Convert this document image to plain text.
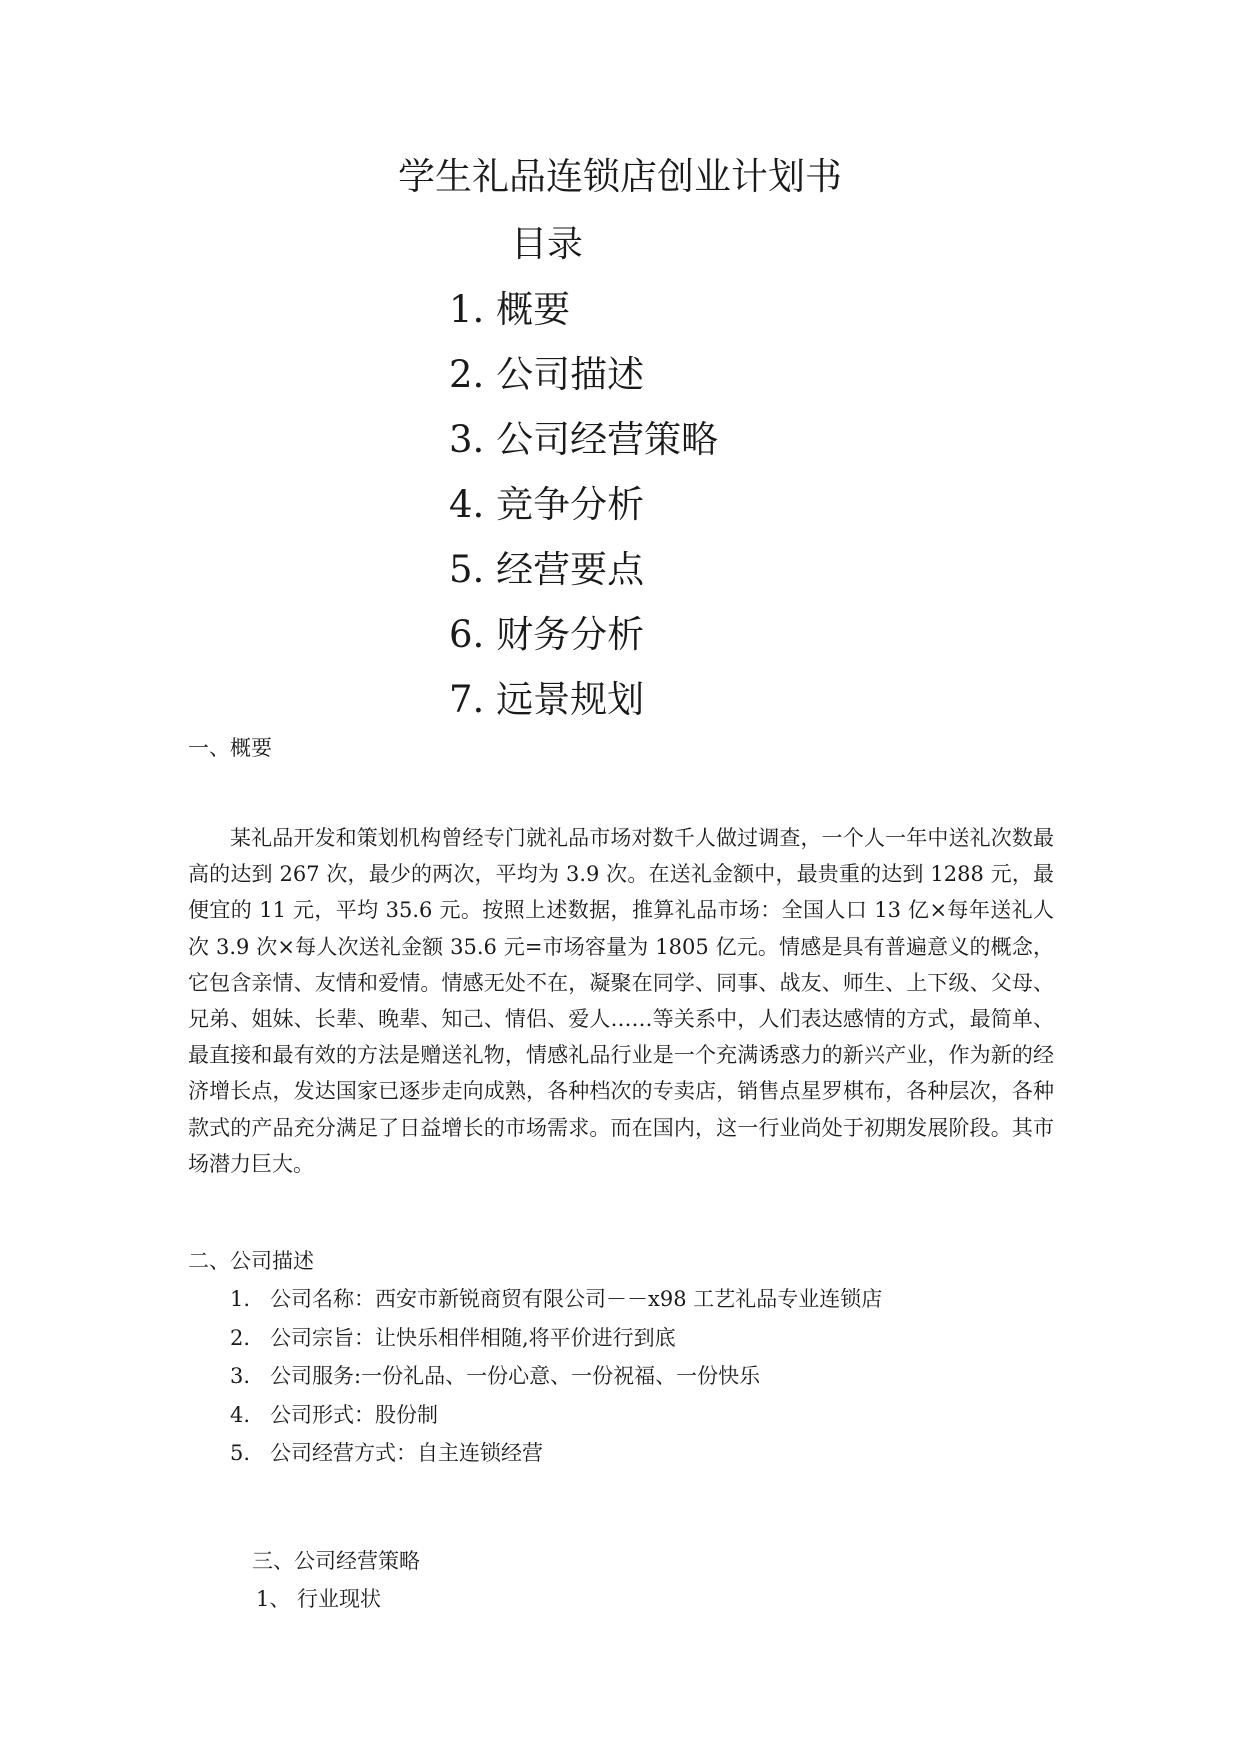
学生礼品连锁店创业计划书
目录
1. 概要
2. 公司描述
3. 公司经营策略
4. 竞争分析
5. 经营要点
6. 财务分析
7. 远景规划
一、概要

某礼品开发和策划机构曾经专门就礼品市场对数千人做过调查，一个人一年中送礼次数最高的达到 267 次，最少的两次，平均为 3.9 次。在送礼金额中，最贵重的达到 1288 元，最便宜的 11 元，平均 35.6 元。按照上述数据，推算礼品市场：全国人口 13 亿×每年送礼人次 3.9 次×每人次送礼金额 35.6 元=市场容量为 1805 亿元。情感是具有普遍意义的概念，它包含亲情、友情和爱情。情感无处不在，凝聚在同学、同事、战友、师生、上下级、父母、兄弟、姐妹、长辈、晚辈、知己、情侣、爱人……等关系中，人们表达感情的方式，最简单、最直接和最有效的方法是赠送礼物，情感礼品行业是一个充满诱惑力的新兴产业，作为新的经济增长点，发达国家已逐步走向成熟，各种档次的专卖店，销售点星罗棋布，各种层次，各种款式的产品充分满足了日益增长的市场需求。而在国内，这一行业尚处于初期发展阶段。其市场潜力巨大。

二、公司描述
1. 公司名称：西安市新锐商贸有限公司－－x98 工艺礼品专业连锁店
2. 公司宗旨：让快乐相伴相随,将平价进行到底
3. 公司服务:一份礼品、一份心意、一份祝福、一份快乐
4. 公司形式：股份制
5. 公司经营方式：自主连锁经营
三、公司经营策略
1、 行业现状
